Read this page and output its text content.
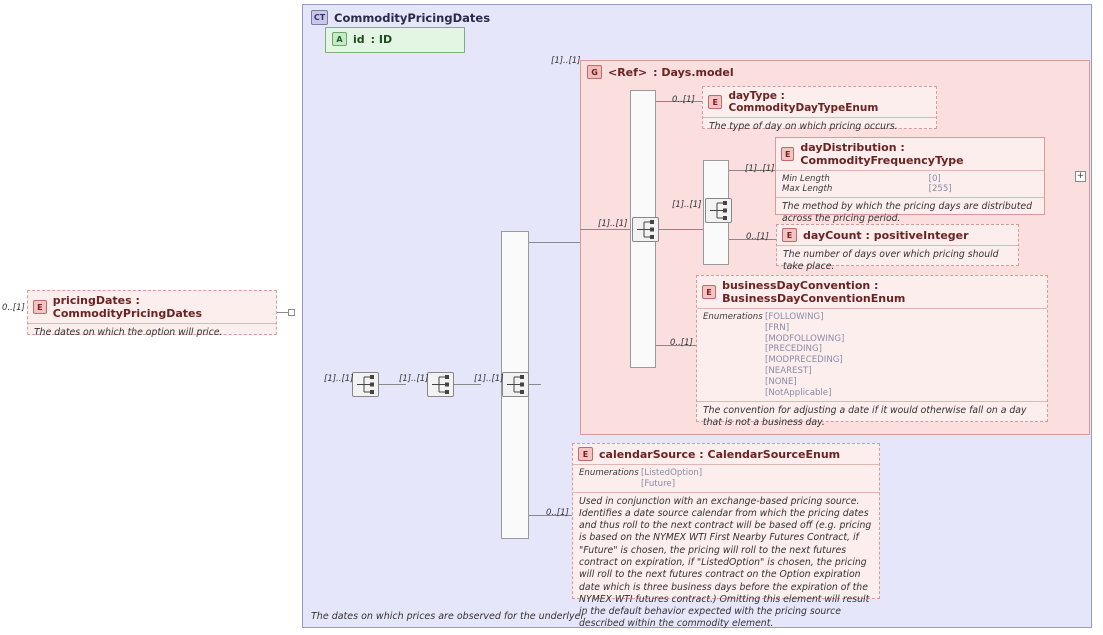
CT CommodityPricingDates
The dates on which prices are observed for the underlyer.
A id : ID
G <Ref> : Days.model
[1]..[1]
[1]..[1]
[1]..[1]
[1]..[1]	[1]..[1]	[1]..[1]
E pricingDates : CommodityPricingDates
The dates on which the option will price.
0..[1]
E	dayType : CommodityDayTypeEnum
The type of day on which pricing occurs.
0..[1]
E dayDistribution : CommodityFrequencyType
Min Length	[0]
Max Length	[255]
The method by which the pricing days are distributed across the pricing period.
[1]..[1]
+
E dayCount : positiveInteger
The number of days over which pricing should take place.
0..[1]
E businessDayConvention : BusinessDayConventionEnum
Enumerations [FOLLOWING]
[FRN]
[MODFOLLOWING]
[PRECEDING]
[MODPRECEDING]
[NEAREST]
[NONE]
[NotApplicable]
The convention for adjusting a date if it would otherwise fall on a day that is not a business day.
0..[1]
E calendarSource : CalendarSourceEnum
Enumerations [ListedOption]
[Future]
Used in conjunction with an exchange-based pricing source. Identifies a date source calendar from which the pricing dates and thus roll to the next contract will be based off (e.g. pricing is based on the NYMEX WTI First Nearby Futures Contract, if "Future" is chosen, the pricing will roll to the next futures contract on expiration, if "ListedOption" is chosen, the pricing will roll to the next futures contract on the Option expiration date which is three business days before the expiration of the NYMEX WTI futures contract.) Omitting this element will result in the default behavior expected with the pricing source described within the commodity element.
0..[1]
